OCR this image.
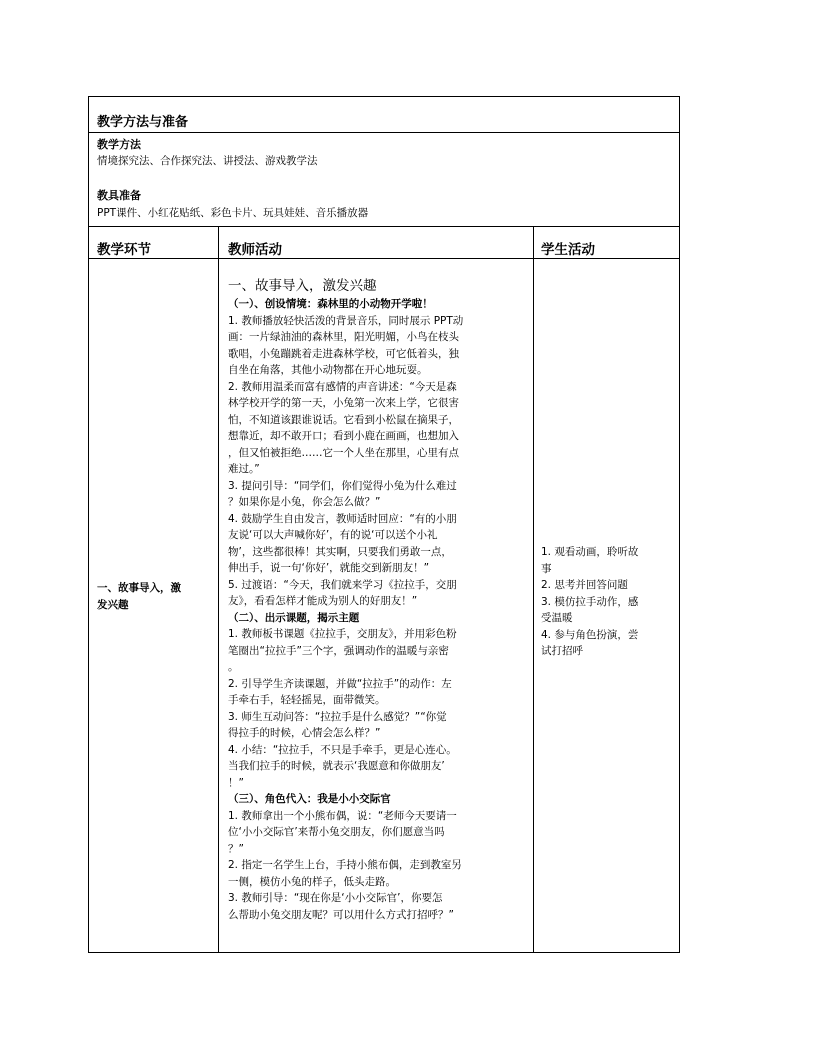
教学方法与准备
教学方法
情境探究法、合作探究法、讲授法、游戏教学法
教具准备
PPT课件、小红花贴纸、彩色卡片、玩具娃娃、音乐播放器
教学环节	教师活动	学生活动
一、故事导入，激
发兴趣

一、故事导入，激发兴趣

（一）、创设情境：森林里的小动物开学啦！
1. 教师播放轻快活泼的背景音乐，同时展示 PPT动
画：一片绿油油的森林里，阳光明媚，小鸟在枝头
歌唱，小兔蹦跳着走进森林学校，可它低着头，独
自坐在角落，其他小动物都在开心地玩耍。
2. 教师用温柔而富有感情的声音讲述：“今天是森
林学校开学的第一天，小兔第一次来上学，它很害
怕，不知道该跟谁说话。它看到小松鼠在摘果子，
想靠近，却不敢开口；看到小鹿在画画，也想加入
，但又怕被拒绝……它一个人坐在那里，心里有点
难过。”
3. 提问引导：“同学们，你们觉得小兔为什么难过
？如果你是小兔，你会怎么做？”
4. 鼓励学生自由发言，教师适时回应：“有的小朋
友说‘可以大声喊你好’，有的说‘可以送个小礼
物’，这些都很棒！其实啊，只要我们勇敢一点，
伸出手，说一句‘你好’，就能交到新朋友！”
5. 过渡语：“今天，我们就来学习《拉拉手，交朋
友》，看看怎样才能成为别人的好朋友！”
（二）、出示课题，揭示主题
1. 教师板书课题《拉拉手，交朋友》，并用彩色粉
笔圈出“拉拉手”三个字，强调动作的温暖与亲密
。
2. 引导学生齐读课题，并做“拉拉手”的动作：左
手牵右手，轻轻摇晃，面带微笑。
3. 师生互动问答：“拉拉手是什么感觉？”“你觉
得拉手的时候，心情会怎么样？”
4. 小结：“拉拉手，不只是手牵手，更是心连心。
当我们拉手的时候，就表示‘我愿意和你做朋友’
！”
（三）、角色代入：我是小小交际官
1. 教师拿出一个小熊布偶，说：“老师今天要请一
位‘小小交际官’来帮小兔交朋友，你们愿意当吗
？”
2. 指定一名学生上台，手持小熊布偶，走到教室另
一侧，模仿小兔的样子，低头走路。
3. 教师引导：“现在你是‘小小交际官’，你要怎
么帮助小兔交朋友呢？可以用什么方式打招呼？”
1. 观看动画，聆听故
事
2. 思考并回答问题
3. 模仿拉手动作，感
受温暖
4. 参与角色扮演，尝
试打招呼
